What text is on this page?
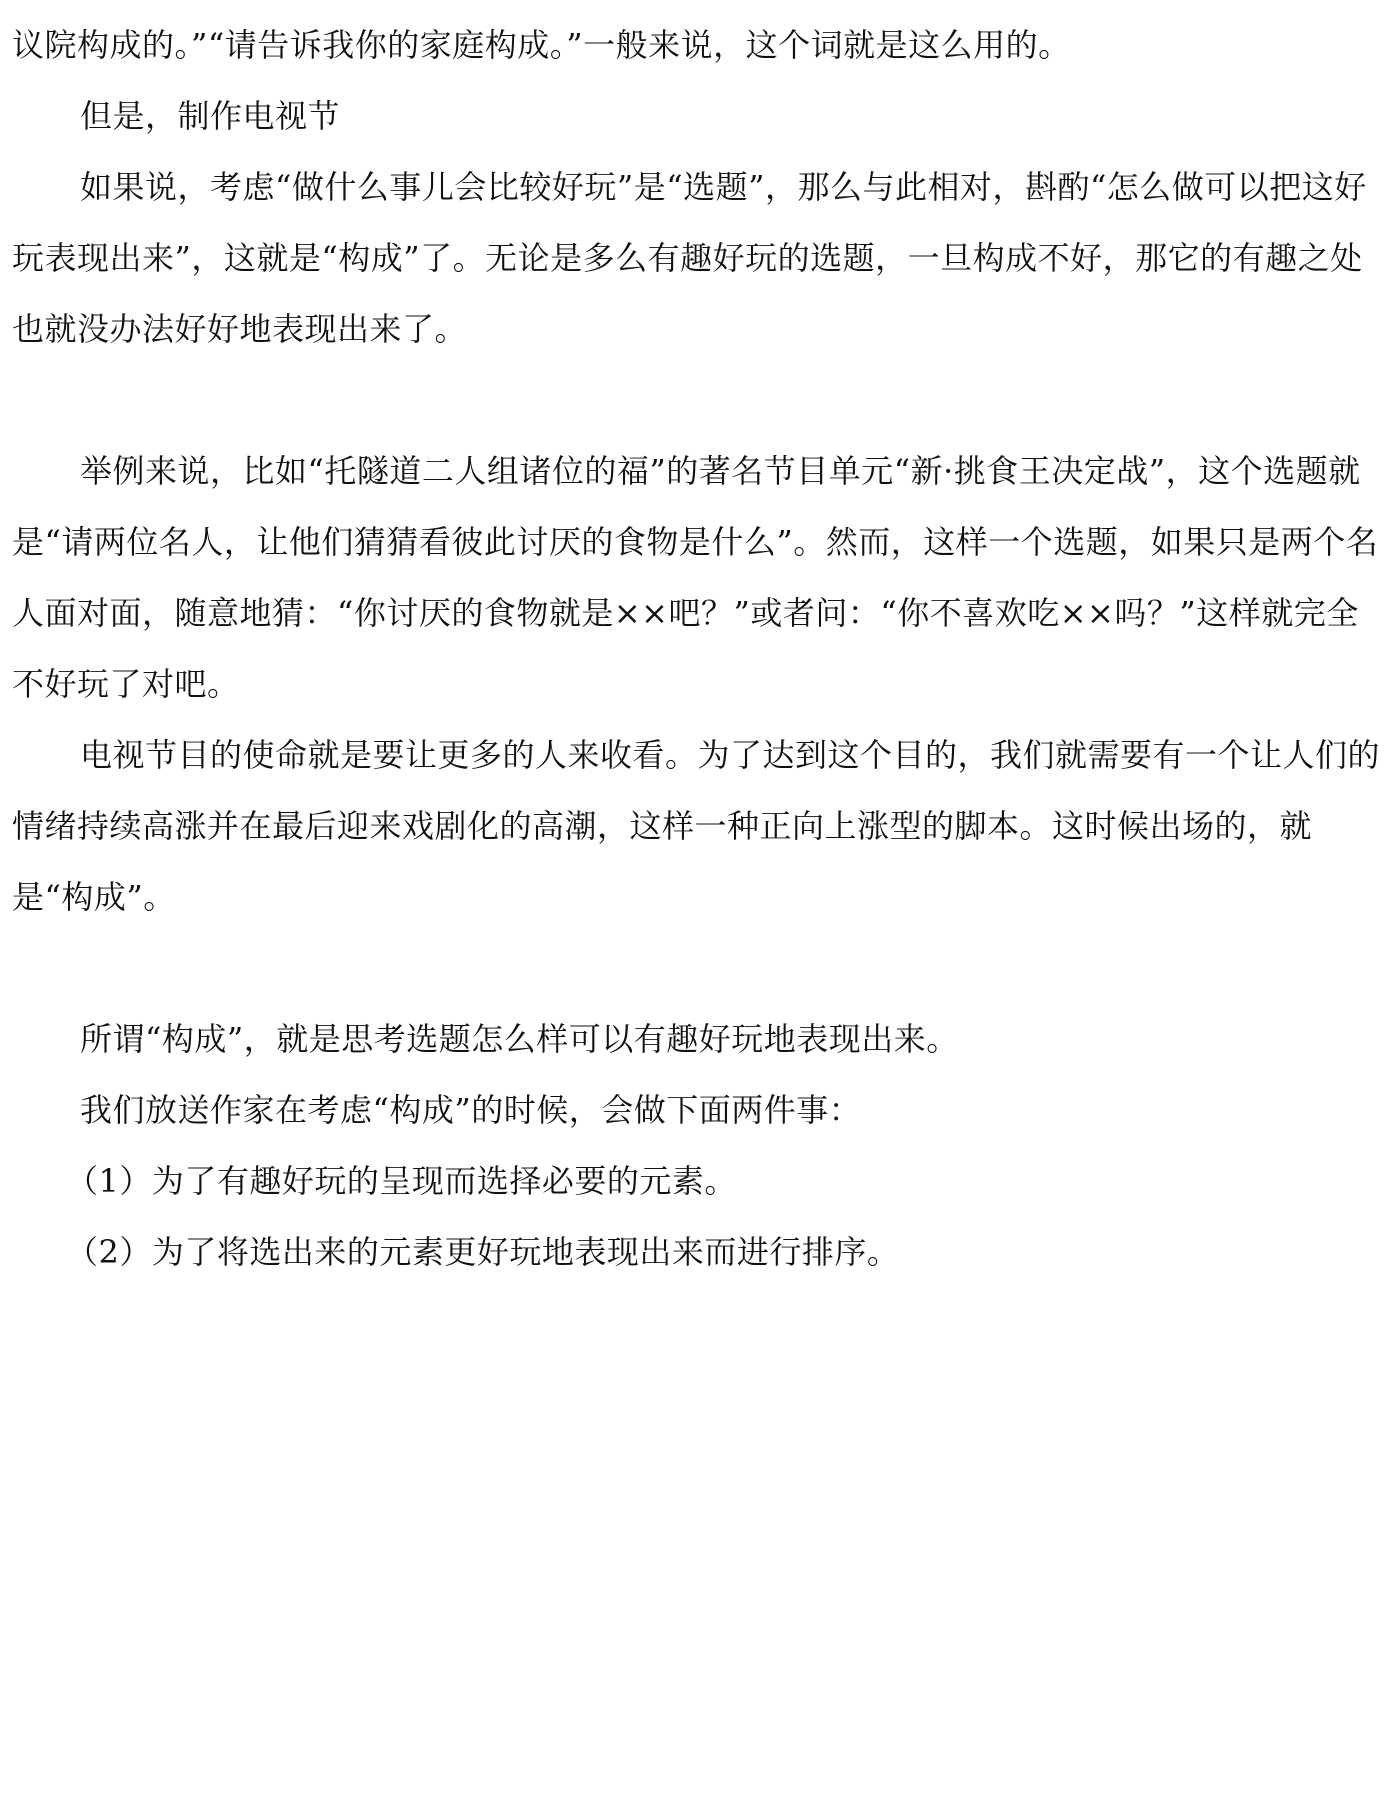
议院构成的。”“请告诉我你的家庭构成。”一般来说，这个词就是这么用的。

但是，制作电视节

如果说，考虑“做什么事儿会比较好玩”是“选题”，那么与此相对，斟酌“怎么做可以把这好玩表现出来”，这就是“构成”了。无论是多么有趣好玩的选题，一旦构成不好，那它的有趣之处也就没办法好好地表现出来了。

举例来说，比如“托隧道二人组诸位的福”的著名节目单元“新·挑食王决定战”，这个选题就是“请两位名人，让他们猜猜看彼此讨厌的食物是什么”。然而，这样一个选题，如果只是两个名人面对面，随意地猜：“你讨厌的食物就是××吧？”或者问：“你不喜欢吃××吗？”这样就完全不好玩了对吧。

电视节目的使命就是要让更多的人来收看。为了达到这个目的，我们就需要有一个让人们的情绪持续高涨并在最后迎来戏剧化的高潮，这样一种正向上涨型的脚本。这时候出场的，就是“构成”。

所谓“构成”，就是思考选题怎么样可以有趣好玩地表现出来。

我们放送作家在考虑“构成”的时候，会做下面两件事：

（1）为了有趣好玩的呈现而选择必要的元素。

（2）为了将选出来的元素更好玩地表现出来而进行排序。
